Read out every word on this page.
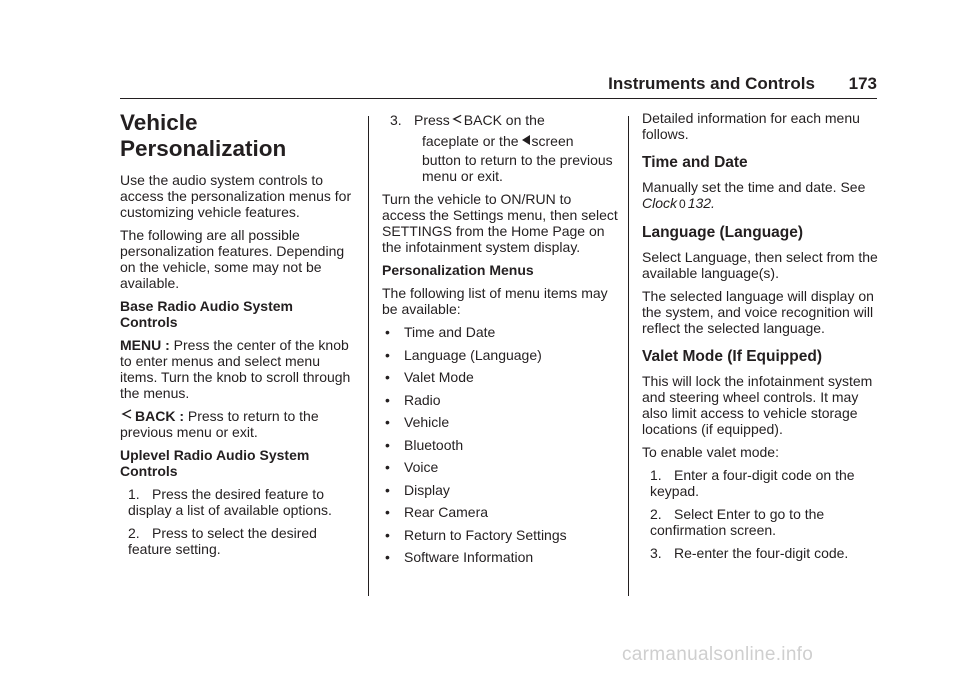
Instruments and Controls 173
Vehicle
Personalization

Use the audio system controls to access the personalization menus for customizing vehicle features.

The following are all possible personalization features. Depending on the vehicle, some may not be available.

Base Radio Audio System Controls

MENU : Press the center of the knob to enter menus and select menu items. Turn the knob to scroll through the menus.

BACK : Press to return to the previous menu or exit.

Uplevel Radio Audio System Controls

1. Press the desired feature to display a list of available options.

2. Press to select the desired feature setting.

3. Press BACK on the
faceplate or the screen
button to return to the previous menu or exit.

Turn the vehicle to ON/RUN to access the Settings menu, then select SETTINGS from the Home Page on the infotainment system display.

Personalization Menus

The following list of menu items may be available:

• Time and Date
• Language (Language)
• Valet Mode
• Radio
• Vehicle
• Bluetooth
• Voice
• Display
• Rear Camera
• Return to Factory Settings
• Software Information

Detailed information for each menu follows.

Time and Date

Manually set the time and date. See
Clock 0 132.

Language (Language)

Select Language, then select from the available language(s).

The selected language will display on the system, and voice recognition will reflect the selected language.

Valet Mode (If Equipped)

This will lock the infotainment system and steering wheel controls. It may also limit access to vehicle storage locations (if equipped).

To enable valet mode:

1. Enter a four-digit code on the keypad.

2. Select Enter to go to the confirmation screen.

3. Re-enter the four-digit code.

carmanualsonline.info
